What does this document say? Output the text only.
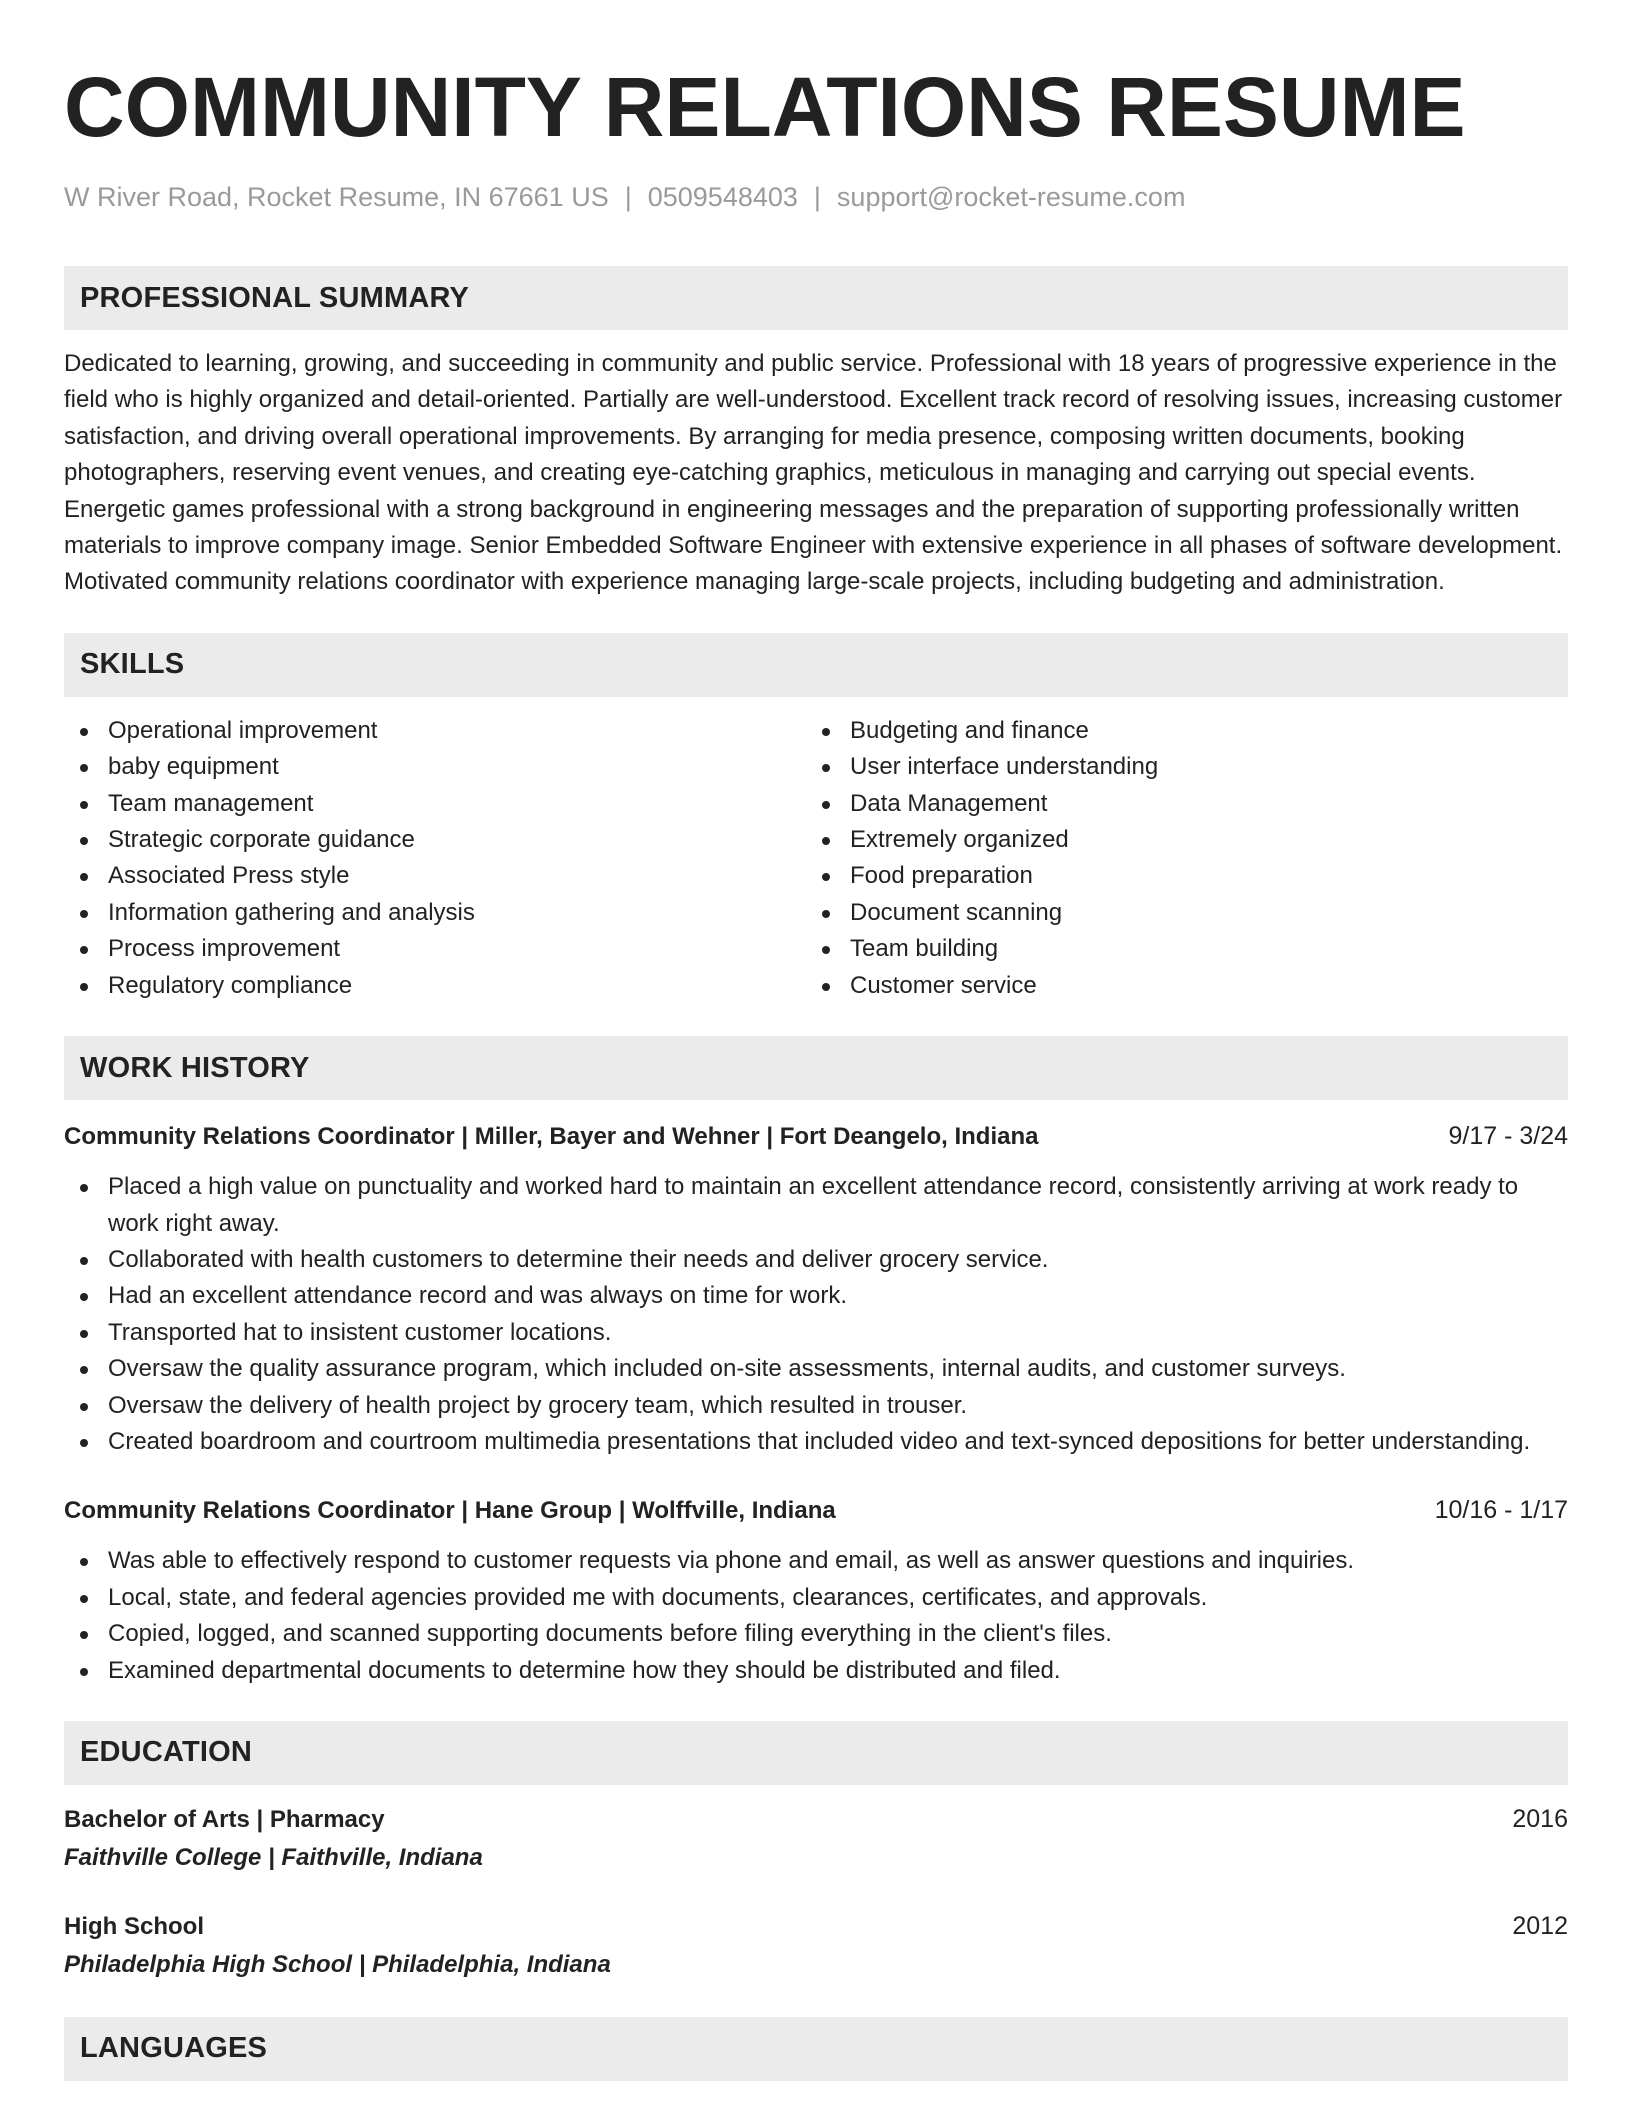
COMMUNITY RELATIONS RESUME
W River Road, Rocket Resume, IN 67661 US | 0509548403 | support@rocket-resume.com
PROFESSIONAL SUMMARY

Dedicated to learning, growing, and succeeding in community and public service. Professional with 18 years of progressive experience in the field who is highly organized and detail-oriented. Partially are well-understood. Excellent track record of resolving issues, increasing customer satisfaction, and driving overall operational improvements. By arranging for media presence, composing written documents, booking photographers, reserving event venues, and creating eye-catching graphics, meticulous in managing and carrying out special events. Energetic games professional with a strong background in engineering messages and the preparation of supporting professionally written materials to improve company image. Senior Embedded Software Engineer with extensive experience in all phases of software development. Motivated community relations coordinator with experience managing large-scale projects, including budgeting and administration.

SKILLS
Operational improvement
baby equipment
Team management
Strategic corporate guidance
Associated Press style
Information gathering and analysis
Process improvement
Regulatory compliance
Budgeting and finance
User interface understanding
Data Management
Extremely organized
Food preparation
Document scanning
Team building
Customer service
WORK HISTORY
Community Relations Coordinator | Miller, Bayer and Wehner | Fort Deangelo, Indiana	9/17 - 3/24
Placed a high value on punctuality and worked hard to maintain an excellent attendance record, consistently arriving at work ready to work right away.
Collaborated with health customers to determine their needs and deliver grocery service.
Had an excellent attendance record and was always on time for work.
Transported hat to insistent customer locations.
Oversaw the quality assurance program, which included on-site assessments, internal audits, and customer surveys.
Oversaw the delivery of health project by grocery team, which resulted in trouser.
Created boardroom and courtroom multimedia presentations that included video and text-synced depositions for better understanding.
Community Relations Coordinator | Hane Group | Wolffville, Indiana	10/16 - 1/17
Was able to effectively respond to customer requests via phone and email, as well as answer questions and inquiries.
Local, state, and federal agencies provided me with documents, clearances, certificates, and approvals.
Copied, logged, and scanned supporting documents before filing everything in the client's files.
Examined departmental documents to determine how they should be distributed and filed.
EDUCATION
Bachelor of Arts | Pharmacy	2016
Faithville College | Faithville, Indiana
High School	2012
Philadelphia High School | Philadelphia, Indiana
LANGUAGES
